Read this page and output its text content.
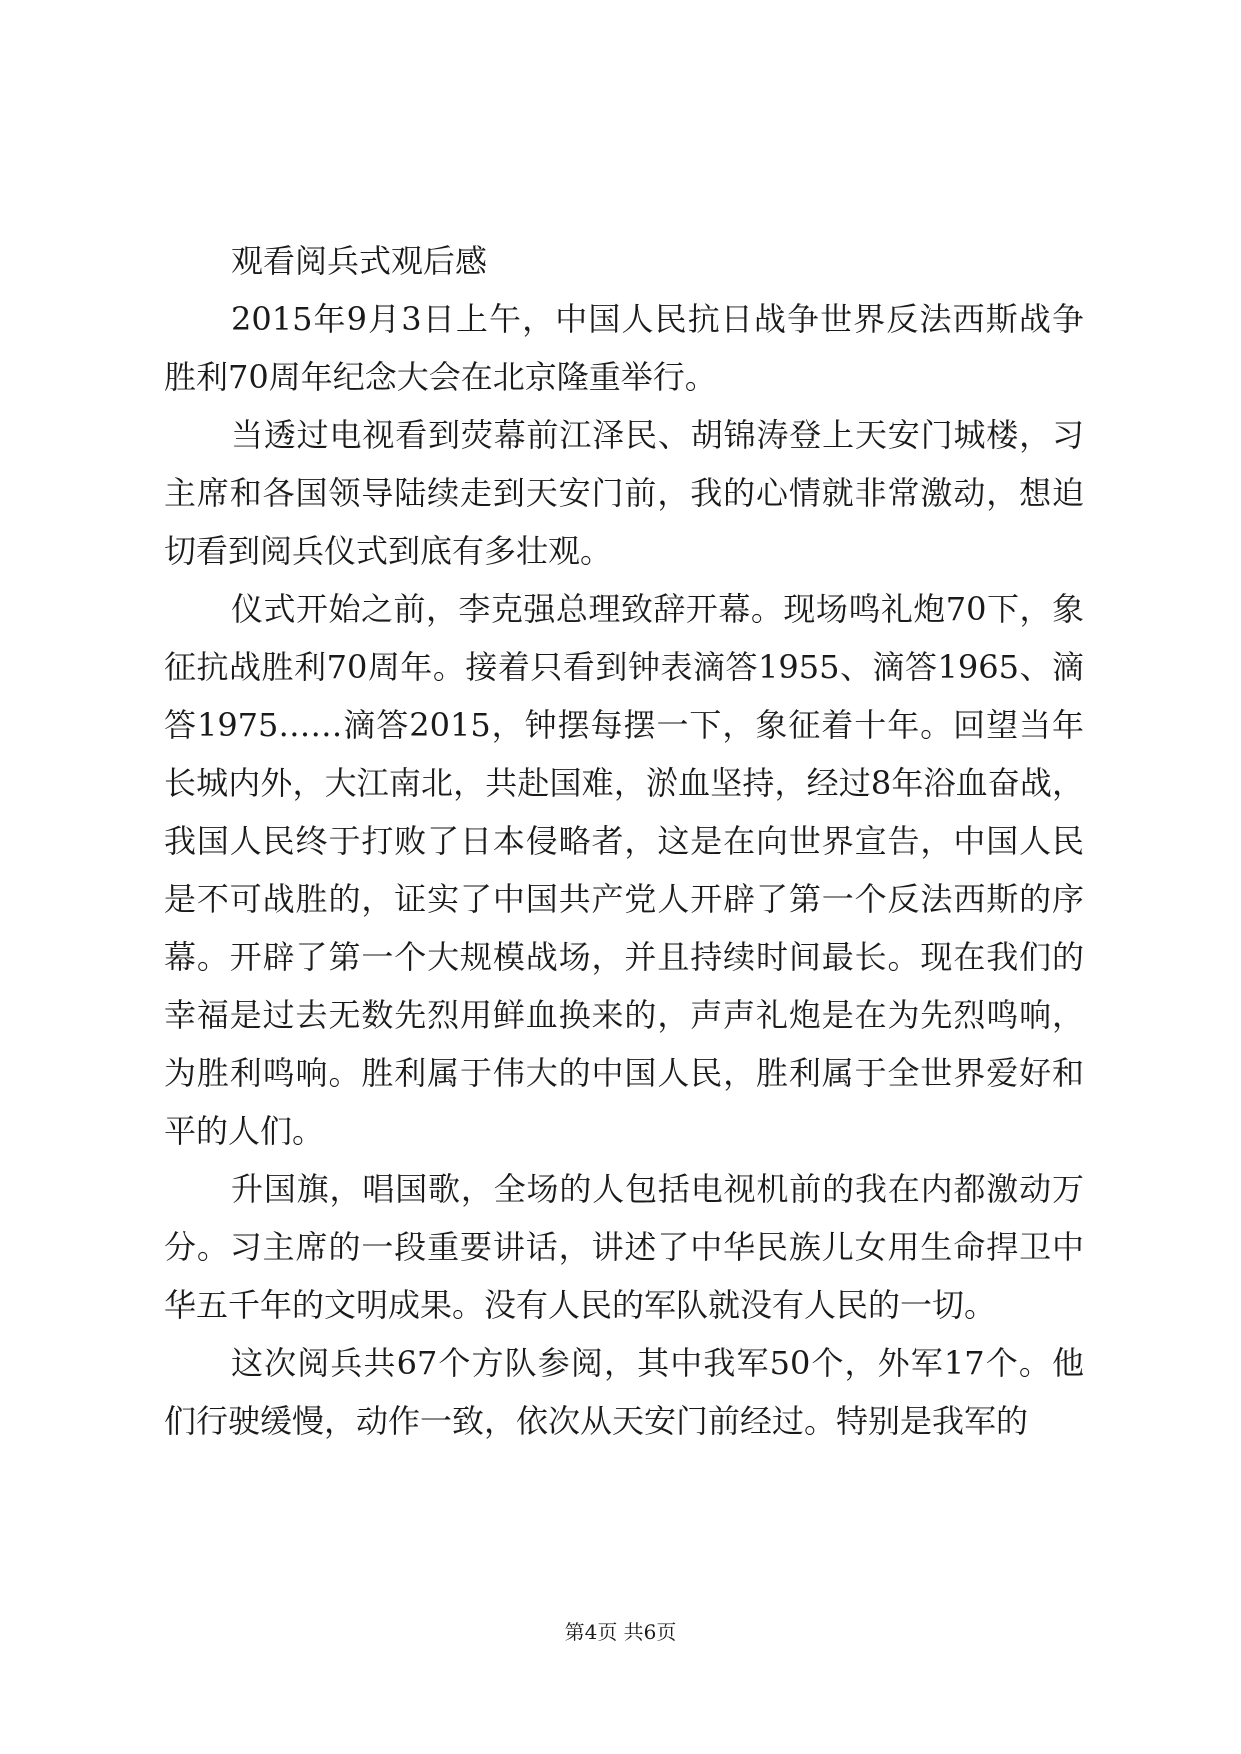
观看阅兵式观后感

2015年9月3日上午，中国人民抗日战争世界反法西斯战争胜利70周年纪念大会在北京隆重举行。

当透过电视看到荧幕前江泽民、胡锦涛登上天安门城楼，习主席和各国领导陆续走到天安门前，我的心情就非常激动，想迫切看到阅兵仪式到底有多壮观。

仪式开始之前，李克强总理致辞开幕。现场鸣礼炮70下，象征抗战胜利70周年。接着只看到钟表滴答1955、滴答1965、滴答1975……滴答2015，钟摆每摆一下，象征着十年。回望当年长城内外，大江南北，共赴国难，淤血坚持，经过8年浴血奋战，我国人民终于打败了日本侵略者，这是在向世界宣告，中国人民是不可战胜的，证实了中国共产党人开辟了第一个反法西斯的序幕。开辟了第一个大规模战场，并且持续时间最长。现在我们的幸福是过去无数先烈用鲜血换来的，声声礼炮是在为先烈鸣响，为胜利鸣响。胜利属于伟大的中国人民，胜利属于全世界爱好和平的人们。

升国旗，唱国歌，全场的人包括电视机前的我在内都激动万分。习主席的一段重要讲话，讲述了中华民族儿女用生命捍卫中华五千年的文明成果。没有人民的军队就没有人民的一切。

这次阅兵共67个方队参阅，其中我军50个，外军17个。他们行驶缓慢，动作一致，依次从天安门前经过。特别是我军的

第4页 共6页
